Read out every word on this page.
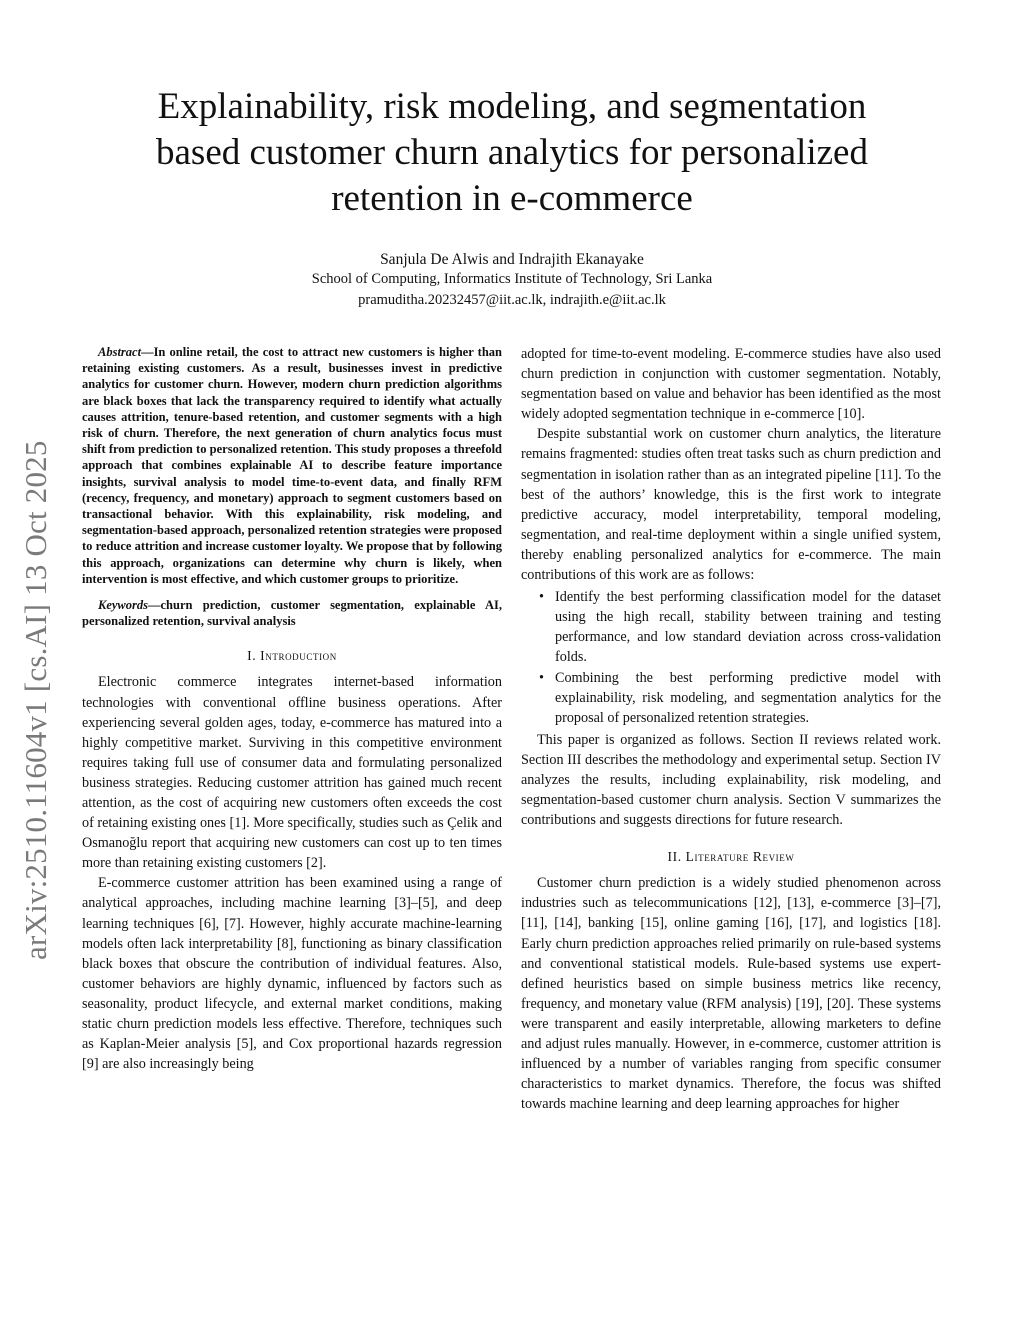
arXiv:2510.11604v1 [cs.AI] 13 Oct 2025
Explainability, risk modeling, and segmentation
based customer churn analytics for personalized
retention in e-commerce
Sanjula De Alwis and Indrajith Ekanayake
School of Computing, Informatics Institute of Technology, Sri Lanka
pramuditha.20232457@iit.ac.lk, indrajith.e@iit.ac.lk

Abstract—In online retail, the cost to attract new customers is higher than retaining existing customers. As a result, businesses invest in predictive analytics for customer churn. However, modern churn prediction algorithms are black boxes that lack the transparency required to identify what actually causes attrition, tenure-based retention, and customer segments with a high risk of churn. Therefore, the next generation of churn analytics focus must shift from prediction to personalized retention. This study proposes a threefold approach that combines explainable AI to describe feature importance insights, survival analysis to model time-to-event data, and finally RFM (recency, frequency, and monetary) approach to segment customers based on transactional behavior. With this explainability, risk modeling, and segmentation-based approach, personalized retention strategies were proposed to reduce attrition and increase customer loyalty. We propose that by following this approach, organizations can determine why churn is likely, when intervention is most effective, and which customer groups to prioritize.

Keywords—churn prediction, customer segmentation, explainable AI, personalized retention, survival analysis

I. Introduction

Electronic commerce integrates internet-based information technologies with conventional offline business operations. After experiencing several golden ages, today, e-commerce has matured into a highly competitive market. Surviving in this competitive environment requires taking full use of consumer data and formulating personalized business strategies. Reducing customer attrition has gained much recent attention, as the cost of acquiring new customers often exceeds the cost of retaining existing ones [1]. More specifically, studies such as Çelik and Osmanoğlu report that acquiring new customers can cost up to ten times more than retaining existing customers [2].

E-commerce customer attrition has been examined using a range of analytical approaches, including machine learning [3]–[5], and deep learning techniques [6], [7]. However, highly accurate machine-learning models often lack interpretability [8], functioning as binary classification black boxes that obscure the contribution of individual features. Also, customer behaviors are highly dynamic, influenced by factors such as seasonality, product lifecycle, and external market conditions, making static churn prediction models less effective. Therefore, techniques such as Kaplan-Meier analysis [5], and Cox proportional hazards regression [9] are also increasingly being

adopted for time-to-event modeling. E-commerce studies have also used churn prediction in conjunction with customer segmentation. Notably, segmentation based on value and behavior has been identified as the most widely adopted segmentation technique in e-commerce [10].

Despite substantial work on customer churn analytics, the literature remains fragmented: studies often treat tasks such as churn prediction and segmentation in isolation rather than as an integrated pipeline [11]. To the best of the authors’ knowledge, this is the first work to integrate predictive accuracy, model interpretability, temporal modeling, segmentation, and real-time deployment within a single unified system, thereby enabling personalized analytics for e-commerce. The main contributions of this work are as follows:

• Identify the best performing classification model for the dataset using the high recall, stability between training and testing performance, and low standard deviation across cross-validation folds.
• Combining the best performing predictive model with explainability, risk modeling, and segmentation analytics for the proposal of personalized retention strategies.

This paper is organized as follows. Section II reviews related work. Section III describes the methodology and experimental setup. Section IV analyzes the results, including explainability, risk modeling, and segmentation-based customer churn analysis. Section V summarizes the contributions and suggests directions for future research.

II. Literature Review

Customer churn prediction is a widely studied phenomenon across industries such as telecommunications [12], [13], e-commerce [3]–[7], [11], [14], banking [15], online gaming [16], [17], and logistics [18]. Early churn prediction approaches relied primarily on rule-based systems and conventional statistical models. Rule-based systems use expert-defined heuristics based on simple business metrics like recency, frequency, and monetary value (RFM analysis) [19], [20]. These systems were transparent and easily interpretable, allowing marketers to define and adjust rules manually. However, in e-commerce, customer attrition is influenced by a number of variables ranging from specific consumer characteristics to market dynamics. Therefore, the focus was shifted towards machine learning and deep learning approaches for higher
